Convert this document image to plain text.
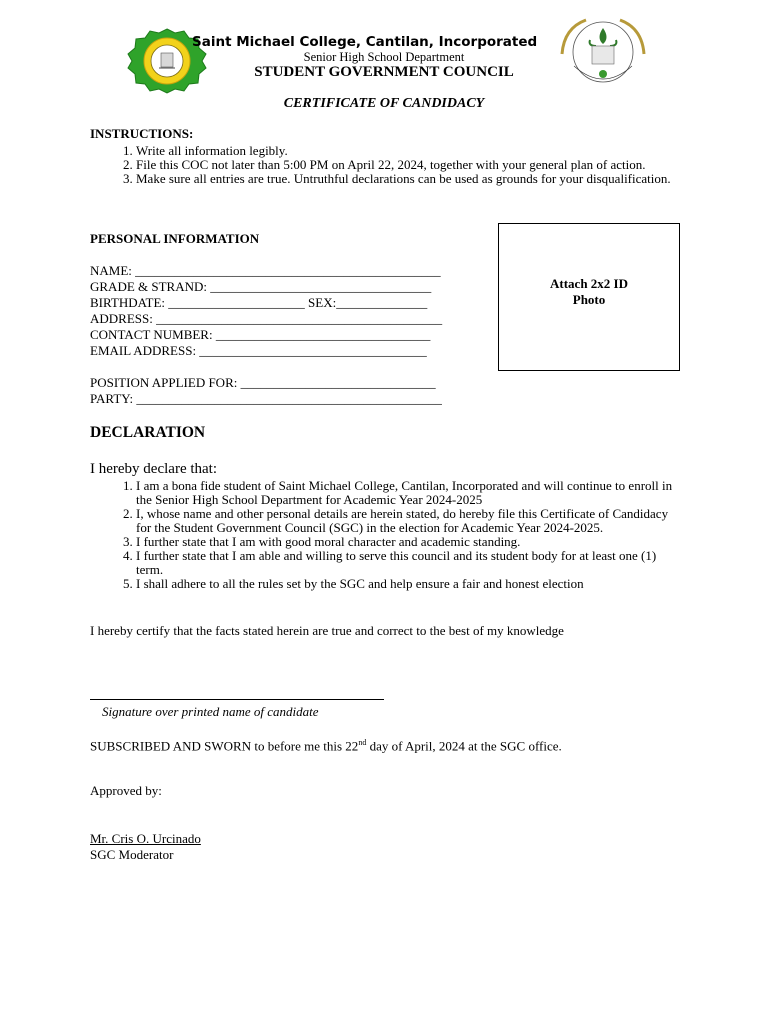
Saint Michael College, Cantilan, Incorporated
Senior High School Department
STUDENT GOVERNMENT COUNCIL
CERTIFICATE OF CANDIDACY
INSTRUCTIONS:
1. Write all information legibly.
2. File this COC not later than 5:00 PM on April 22, 2024, together with your general plan of action.
3. Make sure all entries are true. Untruthful declarations can be used as grounds for your disqualification.
PERSONAL INFORMATION
NAME: _______________________________________________
GRADE & STRAND: __________________________________
BIRTHDATE: _____________________ SEX:______________
ADDRESS: ____________________________________________
CONTACT NUMBER: _________________________________
EMAIL ADDRESS: ___________________________________
POSITION APPLIED FOR: ______________________________
PARTY: _______________________________________________
Attach 2x2 ID
Photo
DECLARATION
I hereby declare that:
1. I am a bona fide student of Saint Michael College, Cantilan, Incorporated and will continue to enroll in the Senior High School Department for Academic Year 2024-2025
2. I, whose name and other personal details are herein stated, do hereby file this Certificate of Candidacy for the Student Government Council (SGC) in the election for Academic Year 2024-2025.
3. I further state that I am with good moral character and academic standing.
4. I further state that I am able and willing to serve this council and its student body for at least one (1) term.
5. I shall adhere to all the rules set by the SGC and help ensure a fair and honest election
I hereby certify that the facts stated herein are true and correct to the best of my knowledge
Signature over printed name of candidate
SUBSCRIBED AND SWORN to before me this 22nd day of April, 2024 at the SGC office.
Approved by:
Mr. Cris O. Urcinado
SGC Moderator
